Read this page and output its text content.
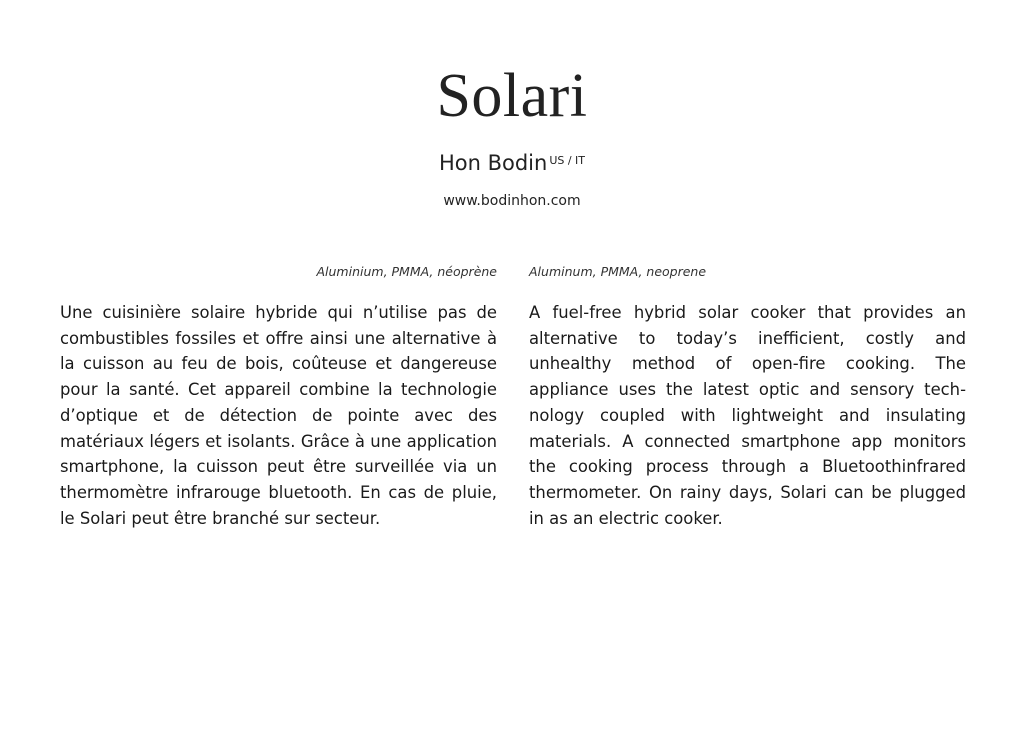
Solari
Hon Bodin $^{US / IT}$
www.bodinhon.com
Aluminium, PMMA, néoprène	Aluminum, PMMA, neoprene

Une cuisinière solaire hybride qui n’utilise pas de combustibles fossiles et offre ainsi une alternative à la cuisson au feu de bois, coûteuse et dangereuse pour la santé. Cet appareil combine la technologie d’optique et de détection de pointe avec des matériaux légers et isolants. Grâce à une application smartphone, la cuisson peut être surveillée via un thermomètre infrarouge bluetooth. En cas de pluie, le Solari peut être branché sur secteur.

A fuel-free hybrid solar cooker that provides an alternative to today’s inefficient, costly and unhealthy method of open-fire cooking. The appliance uses the latest optic and sensory technology coupled with lightweight and insulating materials. A connected smartphone app monitors the cooking process through a Bluetoothinfrared thermometer. On rainy days, Solari can be plugged in as an electric cooker.
